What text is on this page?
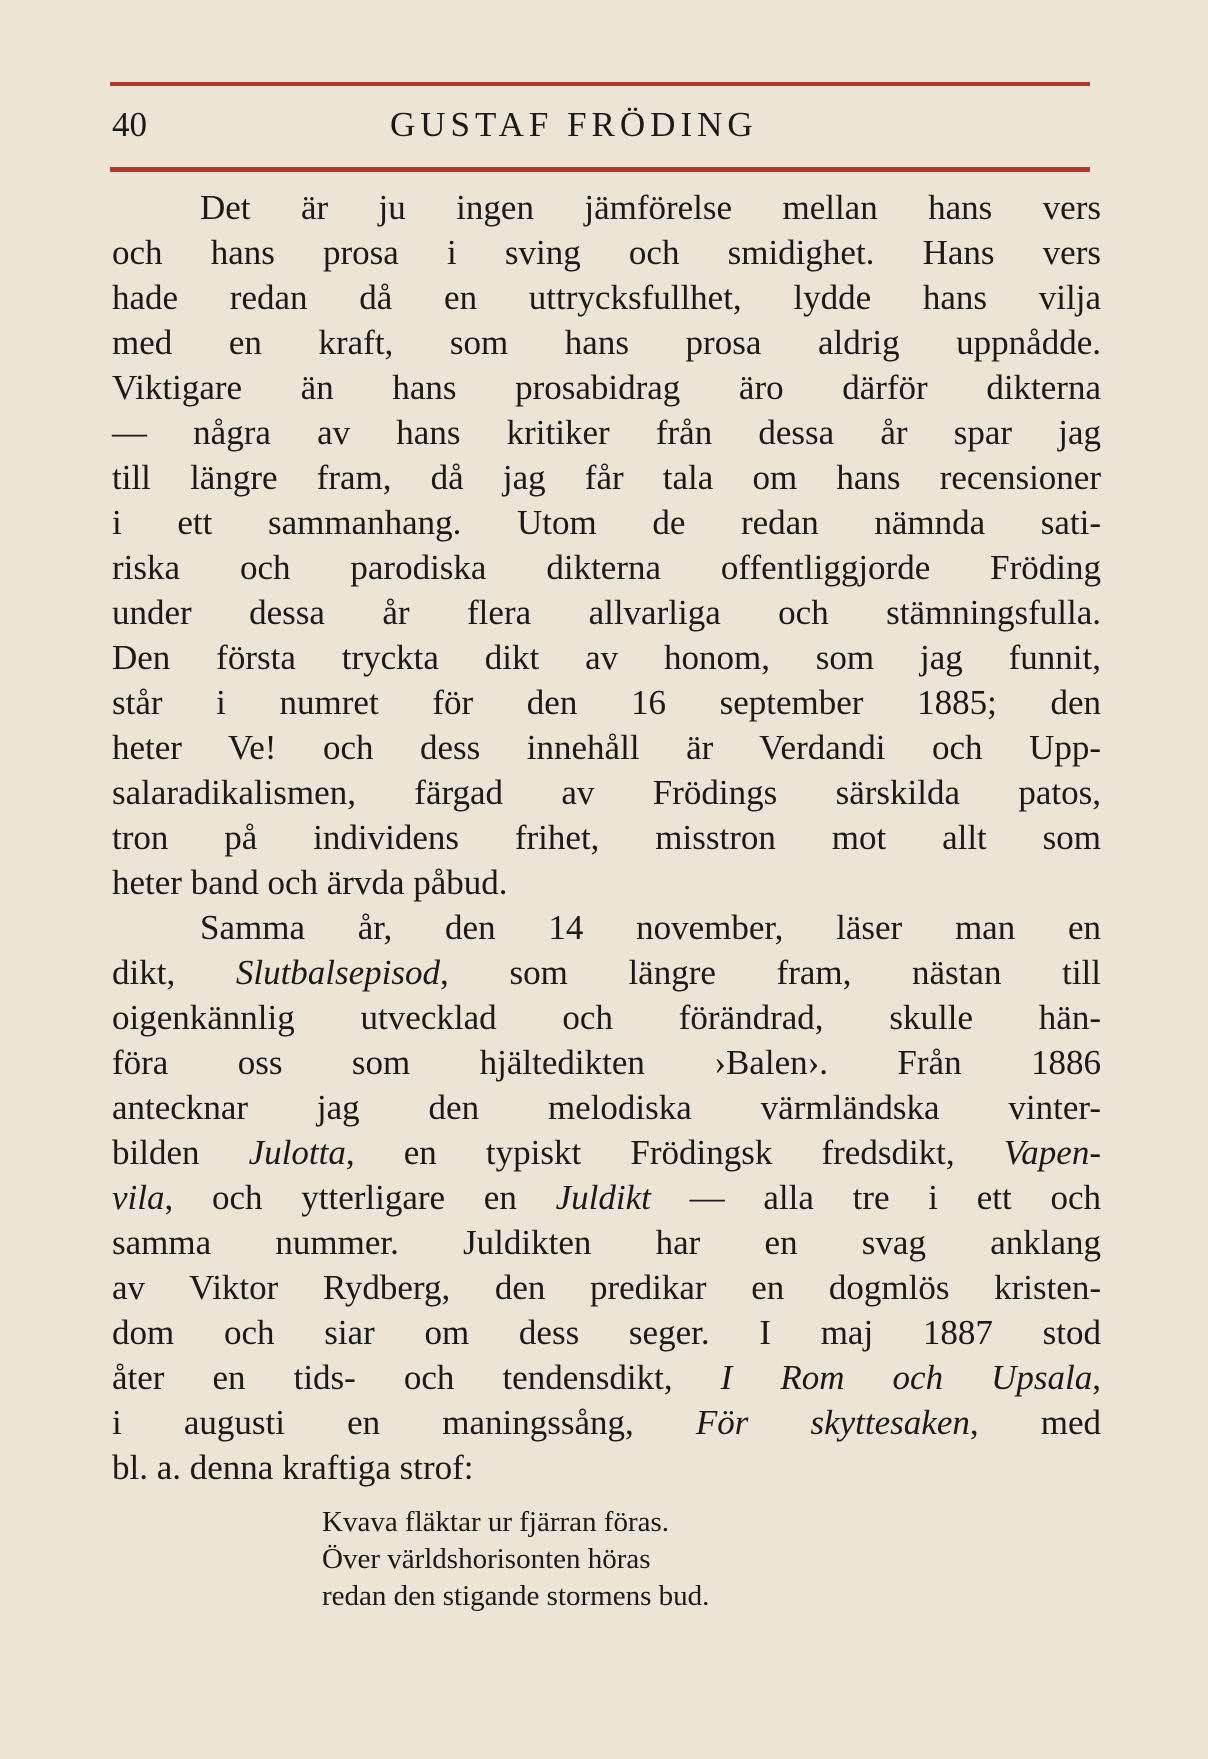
40	GUSTAF FRÖDING
Det är ju ingen jämförelse mellan hans vers
och hans prosa i sving och smidighet. Hans vers
hade redan då en uttrycksfullhet, lydde hans vilja
med en kraft, som hans prosa aldrig uppnådde.
Viktigare än hans prosabidrag äro därför dikterna
— några av hans kritiker från dessa år spar jag
till längre fram, då jag får tala om hans recensioner
i ett sammanhang. Utom de redan nämnda sati-
riska och parodiska dikterna offentliggjorde Fröding
under dessa år flera allvarliga och stämningsfulla.
Den första tryckta dikt av honom, som jag funnit,
står i numret för den 16 september 1885; den
heter Ve! och dess innehåll är Verdandi och Upp-
salaradikalismen, färgad av Frödings särskilda patos,
tron på individens frihet, misstron mot allt som
heter band och ärvda påbud.
Samma år, den 14 november, läser man en
dikt, Slutbalsepisod, som längre fram, nästan till
oigenkännlig utvecklad och förändrad, skulle hän-
föra oss som hjältedikten ›Balen›. Från 1886
antecknar jag den melodiska värmländska vinter-
bilden Julotta, en typiskt Frödingsk fredsdikt, Vapen-
vila, och ytterligare en Juldikt — alla tre i ett och
samma nummer. Juldikten har en svag anklang
av Viktor Rydberg, den predikar en dogmlös kristen-
dom och siar om dess seger. I maj 1887 stod
åter en tids- och tendensdikt, I Rom och Upsala,
i augusti en maningssång, För skyttesaken, med
bl. a. denna kraftiga strof:
Kvava fläktar ur fjärran föras.
Över världshorisonten höras
redan den stigande stormens bud.
